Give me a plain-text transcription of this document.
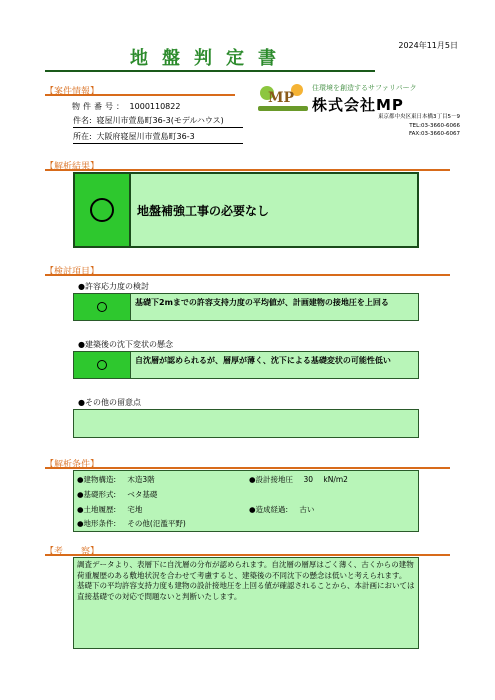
地盤判定書
2024年11月5日
【案件情報】
物件番号： 1000110822
件名: 寝屋川市萱島町36-3(モデルハウス)
所在: 大阪府寝屋川市萱島町36-3
MP
住環境を創造するサファリパーク
株式会社MP
東京都中央区東日本橋3丁目5－9
TEL:03-3660-6066
FAX:03-3660-6067
【解析結果】
地盤補強工事の必要なし
【検討項目】
●許容応力度の検討
基礎下2mまでの許容支持力度の平均値が、計画建物の接地圧を上回る
●建築後の沈下変状の懸念
自沈層が認められるが、層厚が薄く、沈下による基礎変状の可能性低い
●その他の留意点
【解析条件】
●建物構造: 木造3階
●基礎形式: ベタ基礎
●土地履歴: 宅地
●地形条件: その他(氾濫平野)
●設計接地圧 30 kN/m2
●造成経過: 古い
【考　　察】

調査データより、表層下に自沈層の分布が認められます。自沈層の層厚はごく薄く、古くからの建物荷重履歴のある敷地状況を合わせて考慮すると、建築後の不同沈下の懸念は低いと考えられます。

基礎下の平均許容支持力度も建物の設計接地圧を上回る値が確認されることから、本計画においては直接基礎での対応で問題ないと判断いたします。
